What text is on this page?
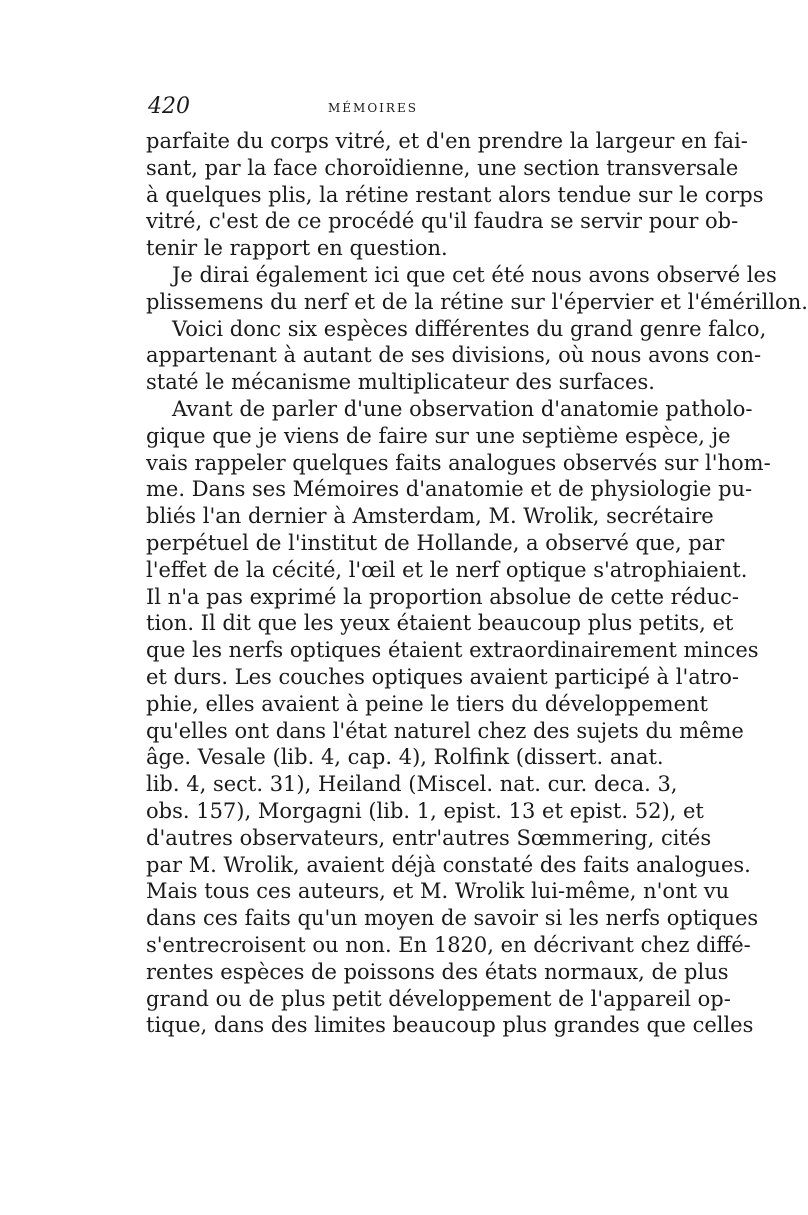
420	MÉMOIRES
parfaite du corps vitré, et d'en prendre la largeur en fai-
sant, par la face choroïdienne, une section transversale
à quelques plis, la rétine restant alors tendue sur le corps
vitré, c'est de ce procédé qu'il faudra se servir pour ob-
tenir le rapport en question.
Je dirai également ici que cet été nous avons observé les
plissemens du nerf et de la rétine sur l'épervier et l'émérillon.
Voici donc six espèces différentes du grand genre falco,
appartenant à autant de ses divisions, où nous avons con-
staté le mécanisme multiplicateur des surfaces.
Avant de parler d'une observation d'anatomie patholo-
gique que je viens de faire sur une septième espèce, je
vais rappeler quelques faits analogues observés sur l'hom-
me. Dans ses Mémoires d'anatomie et de physiologie pu-
bliés l'an dernier à Amsterdam, M. Wrolik, secrétaire
perpétuel de l'institut de Hollande, a observé que, par
l'effet de la cécité, l'œil et le nerf optique s'atrophiaient.
Il n'a pas exprimé la proportion absolue de cette réduc-
tion. Il dit que les yeux étaient beaucoup plus petits, et
que les nerfs optiques étaient extraordinairement minces
et durs. Les couches optiques avaient participé à l'atro-
phie, elles avaient à peine le tiers du développement
qu'elles ont dans l'état naturel chez des sujets du même
âge. Vesale (lib. 4, cap. 4), Rolfink (dissert. anat.
lib. 4, sect. 31), Heiland (Miscel. nat. cur. deca. 3,
obs. 157), Morgagni (lib. 1, epist. 13 et epist. 52), et
d'autres observateurs, entr'autres Sœmmering, cités
par M. Wrolik, avaient déjà constaté des faits analogues.
Mais tous ces auteurs, et M. Wrolik lui-même, n'ont vu
dans ces faits qu'un moyen de savoir si les nerfs optiques
s'entrecroisent ou non. En 1820, en décrivant chez diffé-
rentes espèces de poissons des états normaux, de plus
grand ou de plus petit développement de l'appareil op-
tique, dans des limites beaucoup plus grandes que celles
